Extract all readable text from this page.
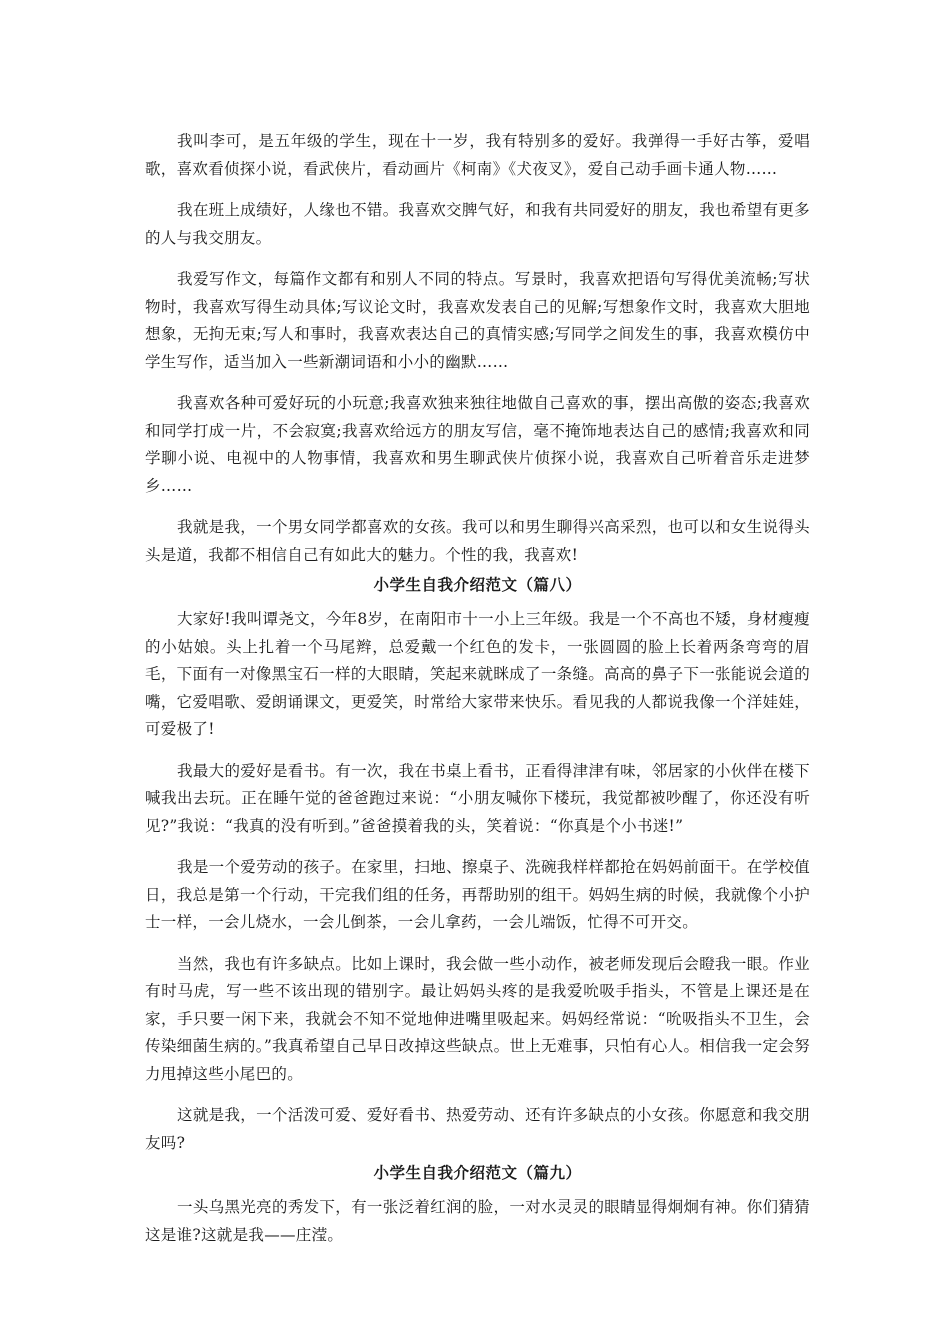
我叫李可，是五年级的学生，现在十一岁，我有特别多的爱好。我弹得一手好古筝，爱唱歌，喜欢看侦探小说，看武侠片，看动画片《柯南》《犬夜叉》，爱自己动手画卡通人物……

我在班上成绩好，人缘也不错。我喜欢交脾气好，和我有共同爱好的朋友，我也希望有更多的人与我交朋友。

我爱写作文，每篇作文都有和别人不同的特点。写景时，我喜欢把语句写得优美流畅;写状物时，我喜欢写得生动具体;写议论文时，我喜欢发表自己的见解;写想象作文时，我喜欢大胆地想象，无拘无束;写人和事时，我喜欢表达自己的真情实感;写同学之间发生的事，我喜欢模仿中学生写作，适当加入一些新潮词语和小小的幽默……

我喜欢各种可爱好玩的小玩意;我喜欢独来独往地做自己喜欢的事，摆出高傲的姿态;我喜欢和同学打成一片，不会寂寞;我喜欢给远方的朋友写信，毫不掩饰地表达自己的感情;我喜欢和同学聊小说、电视中的人物事情，我喜欢和男生聊武侠片侦探小说，我喜欢自己听着音乐走进梦乡……

我就是我，一个男女同学都喜欢的女孩。我可以和男生聊得兴高采烈，也可以和女生说得头头是道，我都不相信自己有如此大的魅力。个性的我，我喜欢!

小学生自我介绍范文（篇八）

大家好!我叫谭尧文，今年8岁，在南阳市十一小上三年级。我是一个不高也不矮，身材瘦瘦的小姑娘。头上扎着一个马尾辫，总爱戴一个红色的发卡，一张圆圆的脸上长着两条弯弯的眉毛，下面有一对像黑宝石一样的大眼睛，笑起来就眯成了一条缝。高高的鼻子下一张能说会道的嘴，它爱唱歌、爱朗诵课文，更爱笑，时常给大家带来快乐。看见我的人都说我像一个洋娃娃，可爱极了!

我最大的爱好是看书。有一次，我在书桌上看书，正看得津津有味，邻居家的小伙伴在楼下喊我出去玩。正在睡午觉的爸爸跑过来说：“小朋友喊你下楼玩，我觉都被吵醒了，你还没有听见?”我说：“我真的没有听到。”爸爸摸着我的头，笑着说：“你真是个小书迷!”

我是一个爱劳动的孩子。在家里，扫地、擦桌子、洗碗我样样都抢在妈妈前面干。在学校值日，我总是第一个行动，干完我们组的任务，再帮助别的组干。妈妈生病的时候，我就像个小护士一样，一会儿烧水，一会儿倒茶，一会儿拿药，一会儿端饭，忙得不可开交。

当然，我也有许多缺点。比如上课时，我会做一些小动作，被老师发现后会瞪我一眼。作业有时马虎，写一些不该出现的错别字。最让妈妈头疼的是我爱吮吸手指头，不管是上课还是在家，手只要一闲下来，我就会不知不觉地伸进嘴里吸起来。妈妈经常说：“吮吸指头不卫生，会传染细菌生病的。”我真希望自己早日改掉这些缺点。世上无难事，只怕有心人。相信我一定会努力甩掉这些小尾巴的。

这就是我，一个活泼可爱、爱好看书、热爱劳动、还有许多缺点的小女孩。你愿意和我交朋友吗?

小学生自我介绍范文（篇九）

一头乌黑光亮的秀发下，有一张泛着红润的脸，一对水灵灵的眼睛显得炯炯有神。你们猜猜这是谁?这就是我——庄滢。
